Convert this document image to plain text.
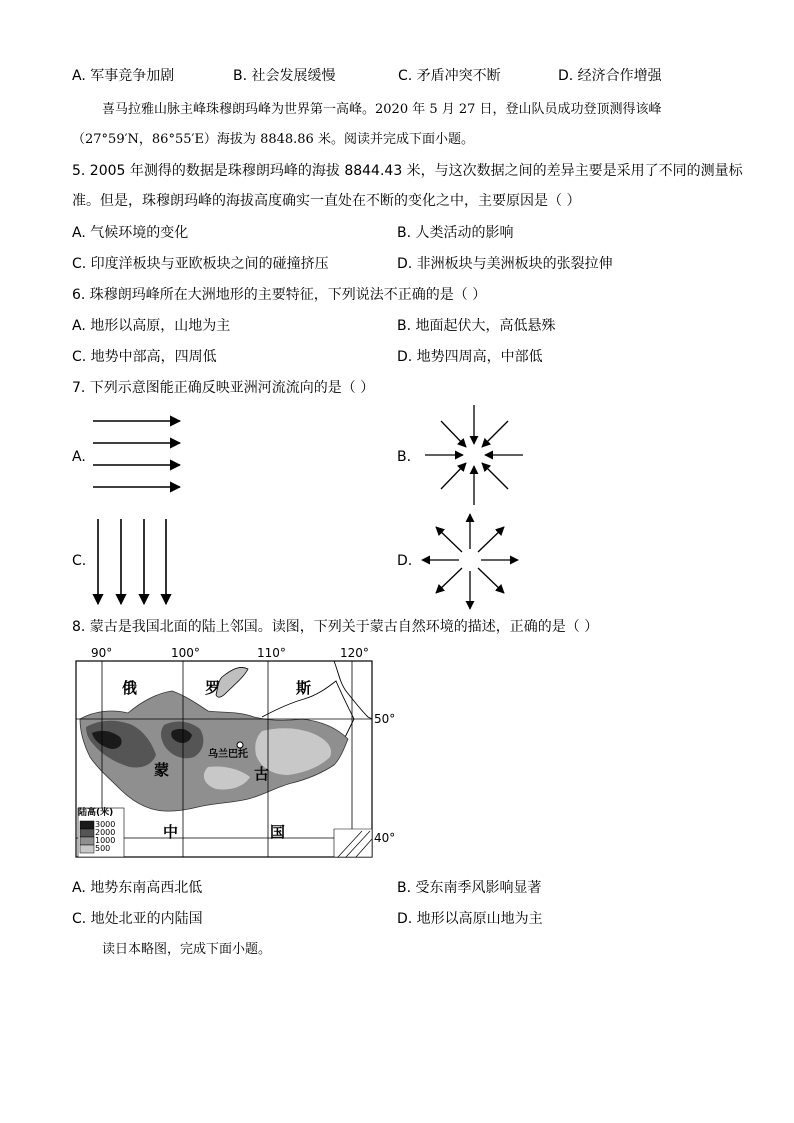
A. 军事竞争加剧	B. 社会发展缓慢	C. 矛盾冲突不断	D. 经济合作增强
喜马拉雅山脉主峰珠穆朗玛峰为世界第一高峰。2020 年 5 月 27 日，登山队员成功登顶测得该峰
（27°59′N，86°55′E）海拔为 8848.86 米。阅读并完成下面小题。
5. 2005 年测得的数据是珠穆朗玛峰的海拔 8844.43 米，与这次数据之间的差异主要是采用了不同的测量标
准。但是，珠穆朗玛峰的海拔高度确实一直处在不断的变化之中，主要原因是（ ）
A. 气候环境的变化	B. 人类活动的影响
C. 印度洋板块与亚欧板块之间的碰撞挤压	D. 非洲板块与美洲板块的张裂拉伸
6. 珠穆朗玛峰所在大洲地形的主要特征，下列说法不正确的是（ ）
A. 地形以高原，山地为主	B. 地面起伏大，高低悬殊
C. 地势中部高，四周低	D. 地势四周高，中部低
7. 下列示意图能正确反映亚洲河流流向的是（ ）
A.	B.
C.	D.
8. 蒙古是我国北面的陆上邻国。读图，下列关于蒙古自然环境的描述，正确的是（ ）
90°	100°	110°	120°
50°
40°
俄	罗	斯
蒙	古
中	国
乌兰巴托
陆高(米)
3000
2000
1000
500
A. 地势东南高西北低	B. 受东南季风影响显著
C. 地处北亚的内陆国	D. 地形以高原山地为主
读日本略图，完成下面小题。
